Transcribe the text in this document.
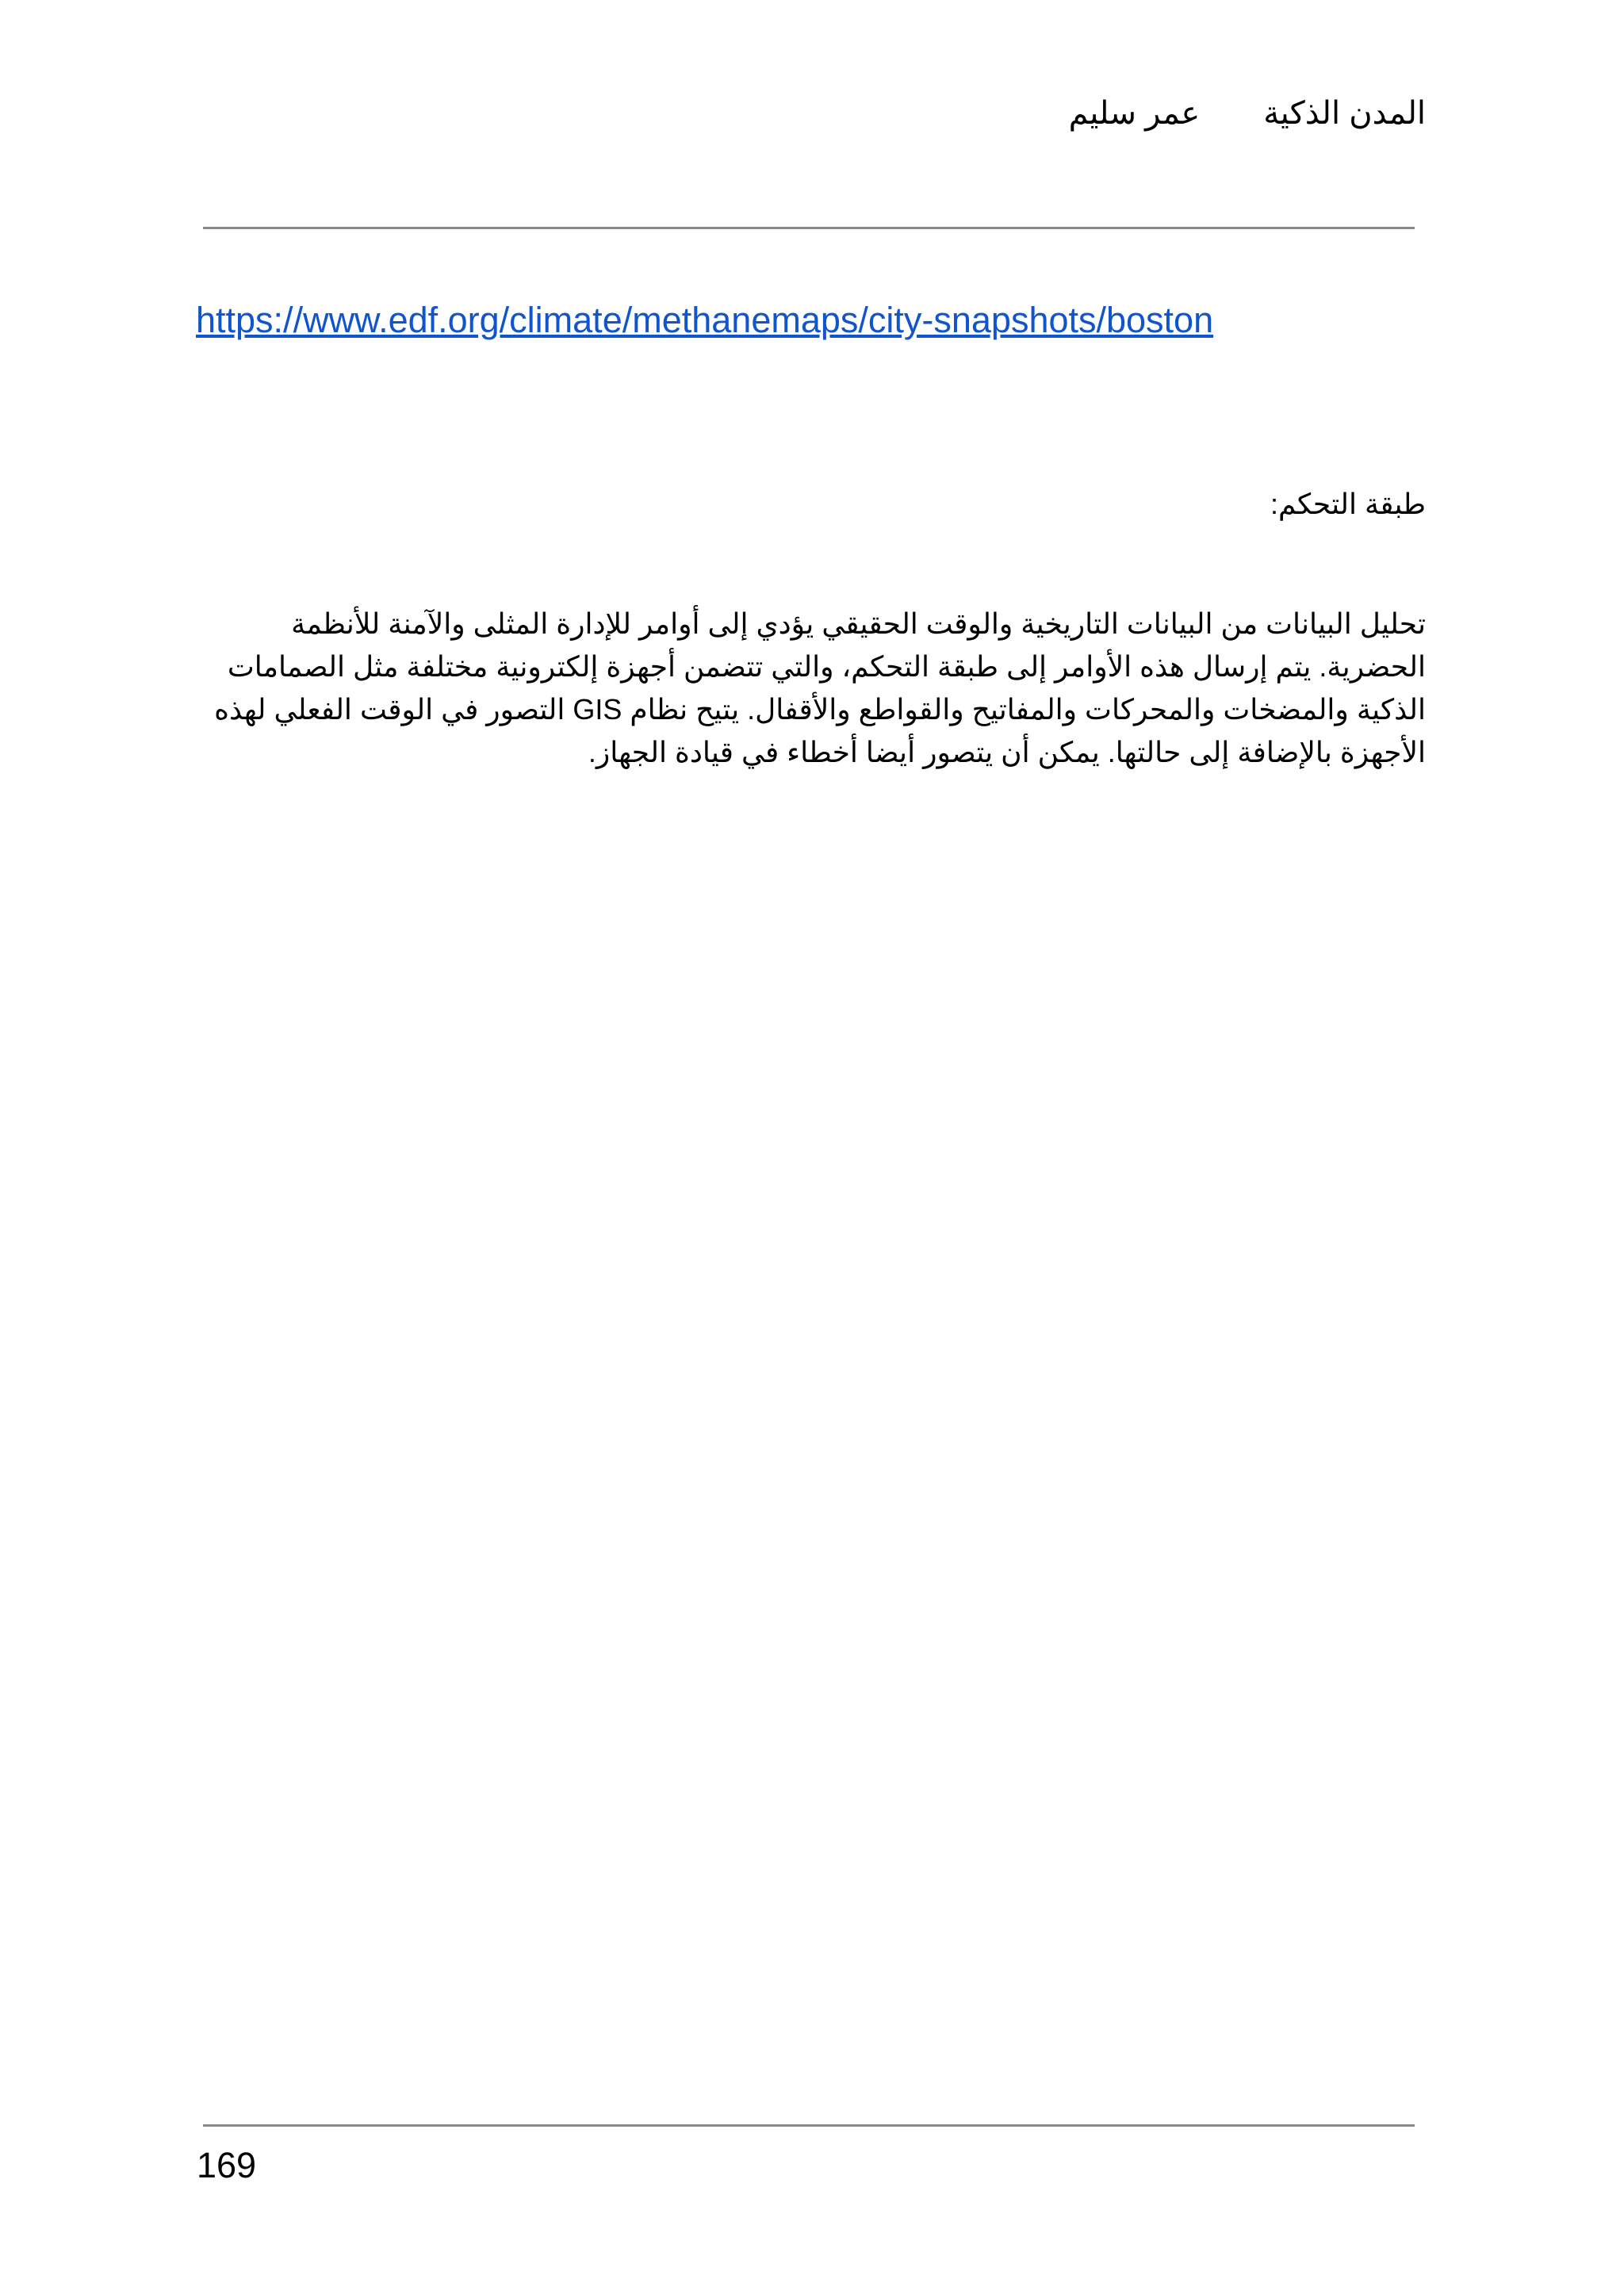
المدن الذكية
عمر سليم
https://www.edf.org/climate/methanemaps/city-snapshots/boston
طبقة التحكم:

تحليل البيانات من البيانات التاريخية والوقت الحقيقي يؤدي إلى أوامر للإدارة المثلى والآمنة للأنظمة الحضرية. يتم إرسال هذه الأوامر إلى طبقة التحكم، والتي تتضمن أجهزة إلكترونية مختلفة مثل الصمامات الذكية والمضخات والمحركات والمفاتيح والقواطع والأقفال. يتيح نظام GIS التصور في الوقت الفعلي لهذه الأجهزة بالإضافة إلى حالتها. يمكن أن يتصور أيضا أخطاء في قيادة الجهاز.

169
